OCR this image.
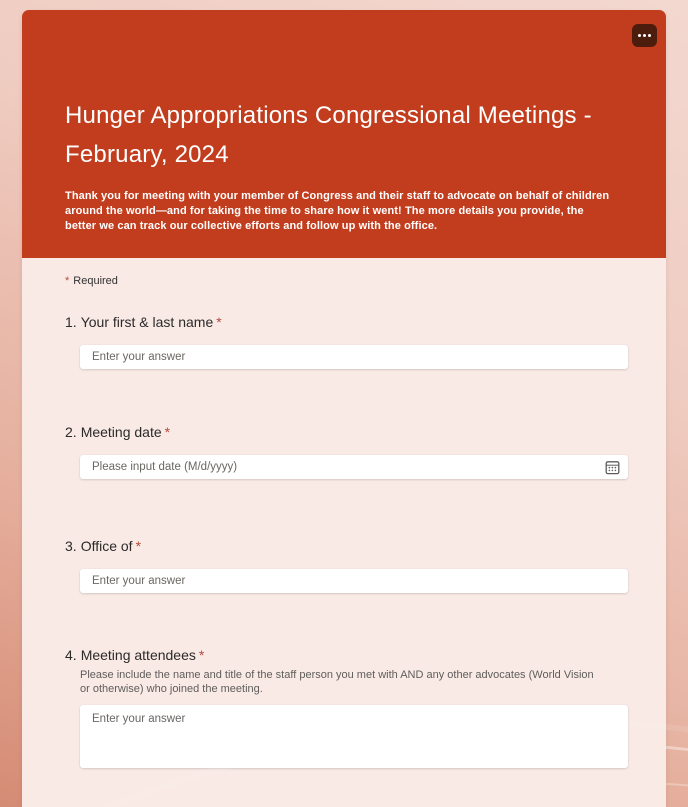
Hunger Appropriations Congressional Meetings - February, 2024

Thank you for meeting with your member of Congress and their staff to advocate on behalf of children around the world—and for taking the time to share how it went! The more details you provide, the better we can track our collective efforts and follow up with the office.

* Required
1. Your first & last name *
Enter your answer
2. Meeting date *
Please input date (M/d/yyyy)
3. Office of *
Enter your answer
4. Meeting attendees *
Please include the name and title of the staff person you met with AND any other advocates (World Vision or otherwise) who joined the meeting.
Enter your answer
